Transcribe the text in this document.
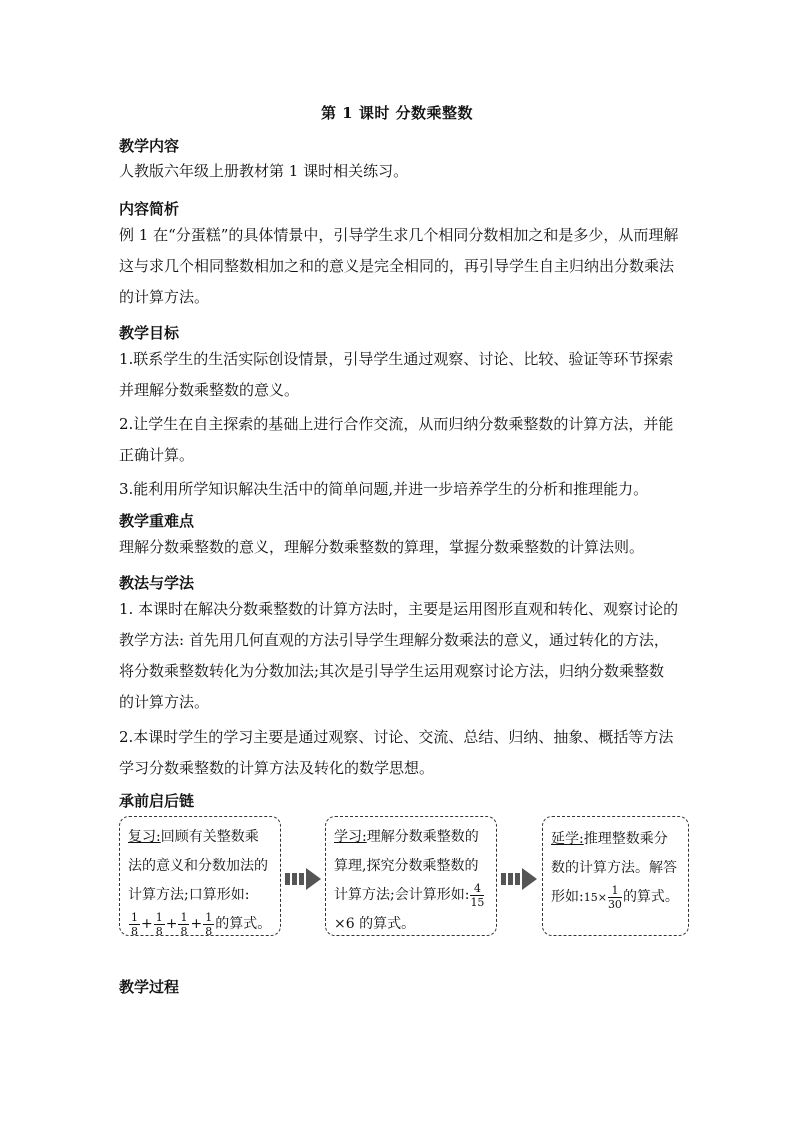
第 1 课时 分数乘整数
教学内容
人教版六年级上册教材第 1 课时相关练习。
内容简析
例 1 在“分蛋糕”的具体情景中，引导学生求几个相同分数相加之和是多少，从而理解这与求几个相同整数相加之和的意义是完全相同的，再引导学生自主归纳出分数乘法的计算方法。
教学目标
1.联系学生的生活实际创设情景，引导学生通过观察、讨论、比较、验证等环节探索并理解分数乘整数的意义。
2.让学生在自主探索的基础上进行合作交流，从而归纳分数乘整数的计算方法，并能正确计算。
3.能利用所学知识解决生活中的简单问题,并进一步培养学生的分析和推理能力。
教学重难点
理解分数乘整数的意义，理解分数乘整数的算理，掌握分数乘整数的计算法则。
教法与学法
1. 本课时在解决分数乘整数的计算方法时，主要是运用图形直观和转化、观察讨论的教学方法: 首先用几何直观的方法引导学生理解分数乘法的意义，通过转化的方法，将分数乘整数转化为分数加法;其次是引导学生运用观察讨论方法，归纳分数乘整数的计算方法。
2.本课时学生的学习主要是通过观察、讨论、交流、总结、归纳、抽象、概括等方法学习分数乘整数的计算方法及转化的数学思想。
承前启后链
复习:回顾有关整数乘法的意义和分数加法的计算方法;口算形如:

$\frac{1}{8} + \frac{1}{8} + \frac{1}{8} + \frac{1}{8}$ 的算式。
学习:理解分数乘整数的算理,探究分数乘整数的计算方法;会计算形如: $\frac{4}{15}$
×6 的算式。
延学:推理整数乘分数的计算方法。解答形如:15× $\frac{1}{30}$ 的算式。
教学过程
